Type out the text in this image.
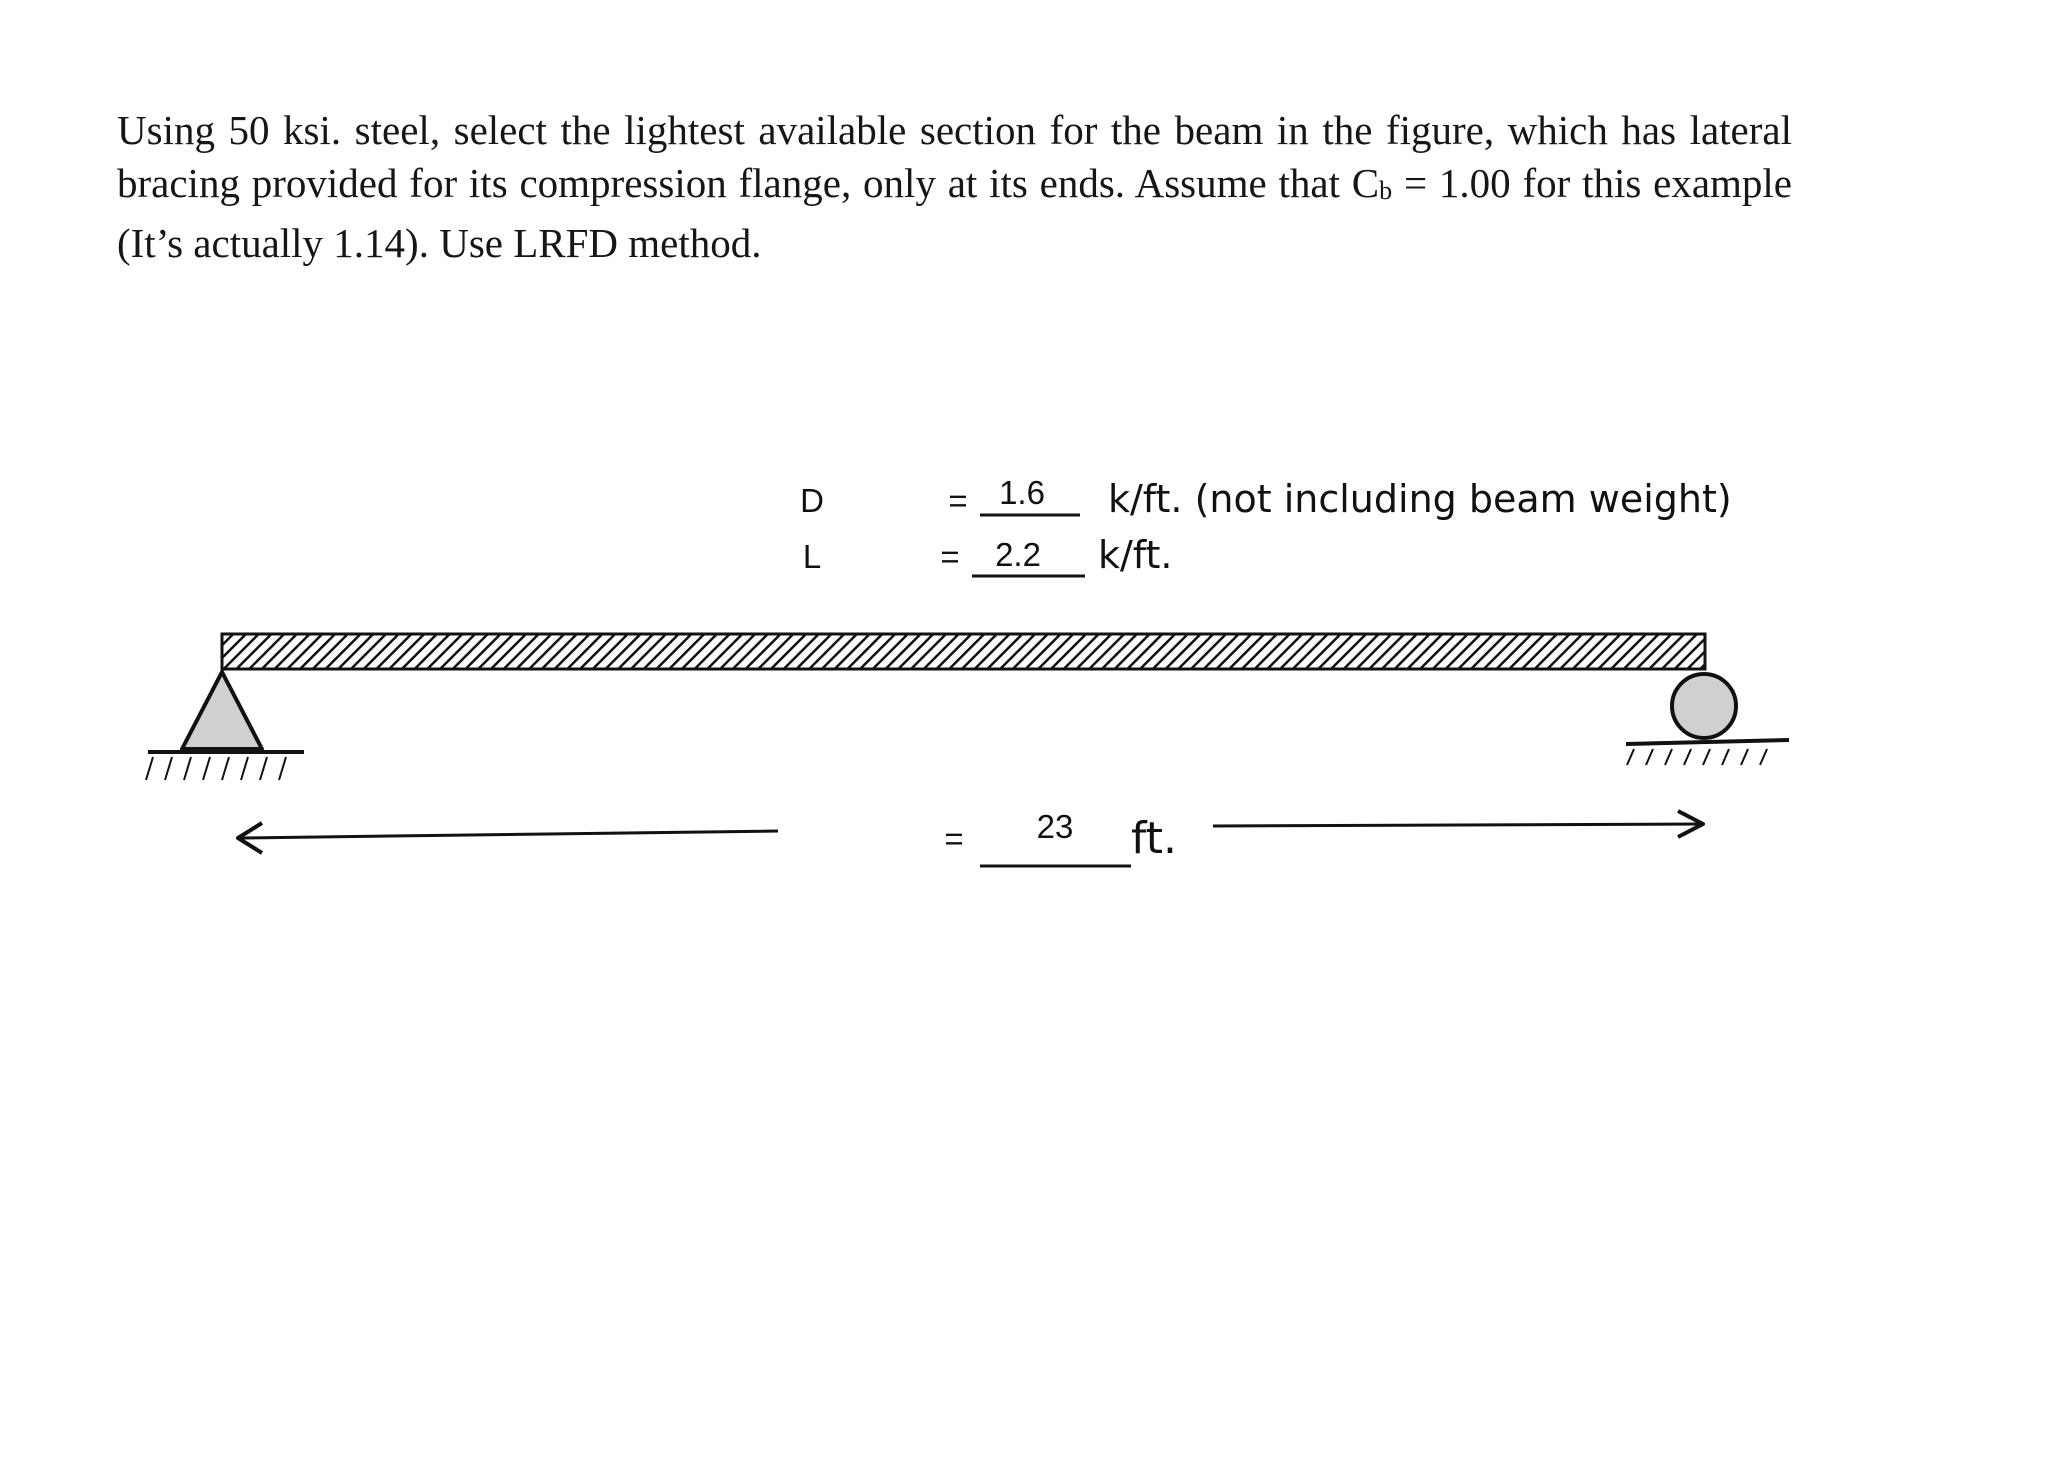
Using 50 ksi. steel, select the lightest available section for the beam in the figure, which has lateral bracing provided for its compression flange, only at its ends. Assume that $C_b = 1.00$ for this example (It’s actually 1.14). Use LRFD method.
D	= 1.6 k/ft. (not including beam weight)
L	= 2.2 k/ft.
= 23 ft.
